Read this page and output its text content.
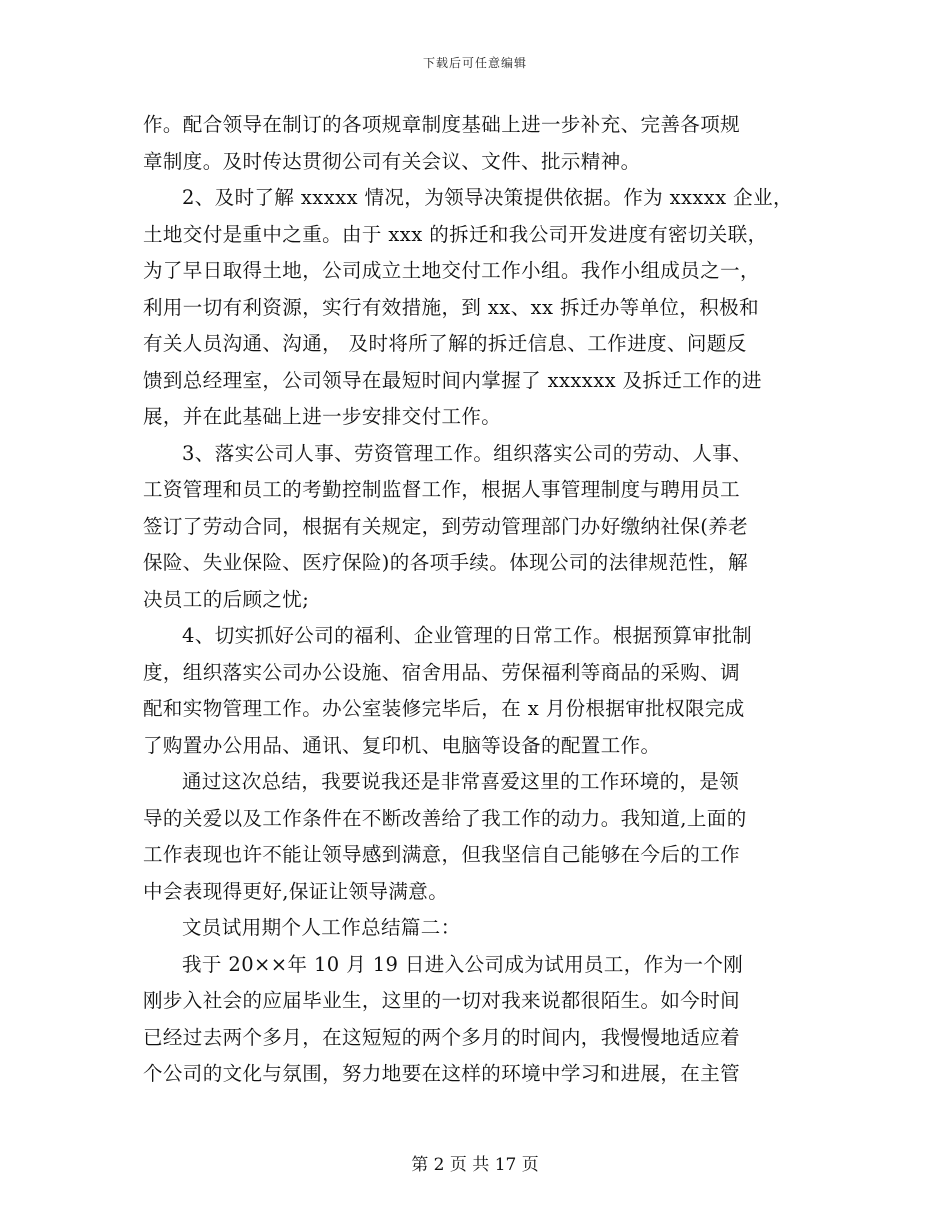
下载后可任意编辑
作。配合领导在制订的各项规章制度基础上进一步补充、完善各项规
章制度。及时传达贯彻公司有关会议、文件、批示精神。
2、及时了解 xxxxx 情况，为领导决策提供依据。作为 xxxxx 企业，
土地交付是重中之重。由于 xxx 的拆迁和我公司开发进度有密切关联，
为了早日取得土地，公司成立土地交付工作小组。我作小组成员之一，
利用一切有利资源，实行有效措施，到 xx、xx 拆迁办等单位，积极和
有关人员沟通、沟通， 及时将所了解的拆迁信息、工作进度、问题反
馈到总经理室，公司领导在最短时间内掌握了 xxxxxx 及拆迁工作的进
展，并在此基础上进一步安排交付工作。
3、落实公司人事、劳资管理工作。组织落实公司的劳动、人事、
工资管理和员工的考勤控制监督工作，根据人事管理制度与聘用员工
签订了劳动合同，根据有关规定，到劳动管理部门办好缴纳社保(养老
保险、失业保险、医疗保险)的各项手续。体现公司的法律规范性，解
决员工的后顾之忧;
4、切实抓好公司的福利、企业管理的日常工作。根据预算审批制
度，组织落实公司办公设施、宿舍用品、劳保福利等商品的采购、调
配和实物管理工作。办公室装修完毕后，在 x 月份根据审批权限完成
了购置办公用品、通讯、复印机、电脑等设备的配置工作。
通过这次总结，我要说我还是非常喜爱这里的工作环境的，是领
导的关爱以及工作条件在不断改善给了我工作的动力。我知道,上面的
工作表现也许不能让领导感到满意，但我坚信自己能够在今后的工作
中会表现得更好,保证让领导满意。
文员试用期个人工作总结篇二：
我于 20××年 10 月 19 日进入公司成为试用员工，作为一个刚
刚步入社会的应届毕业生，这里的一切对我来说都很陌生。如今时间
已经过去两个多月，在这短短的两个多月的时间内，我慢慢地适应着
个公司的文化与氛围，努力地要在这样的环境中学习和进展，在主管
第 2 页 共 17 页
